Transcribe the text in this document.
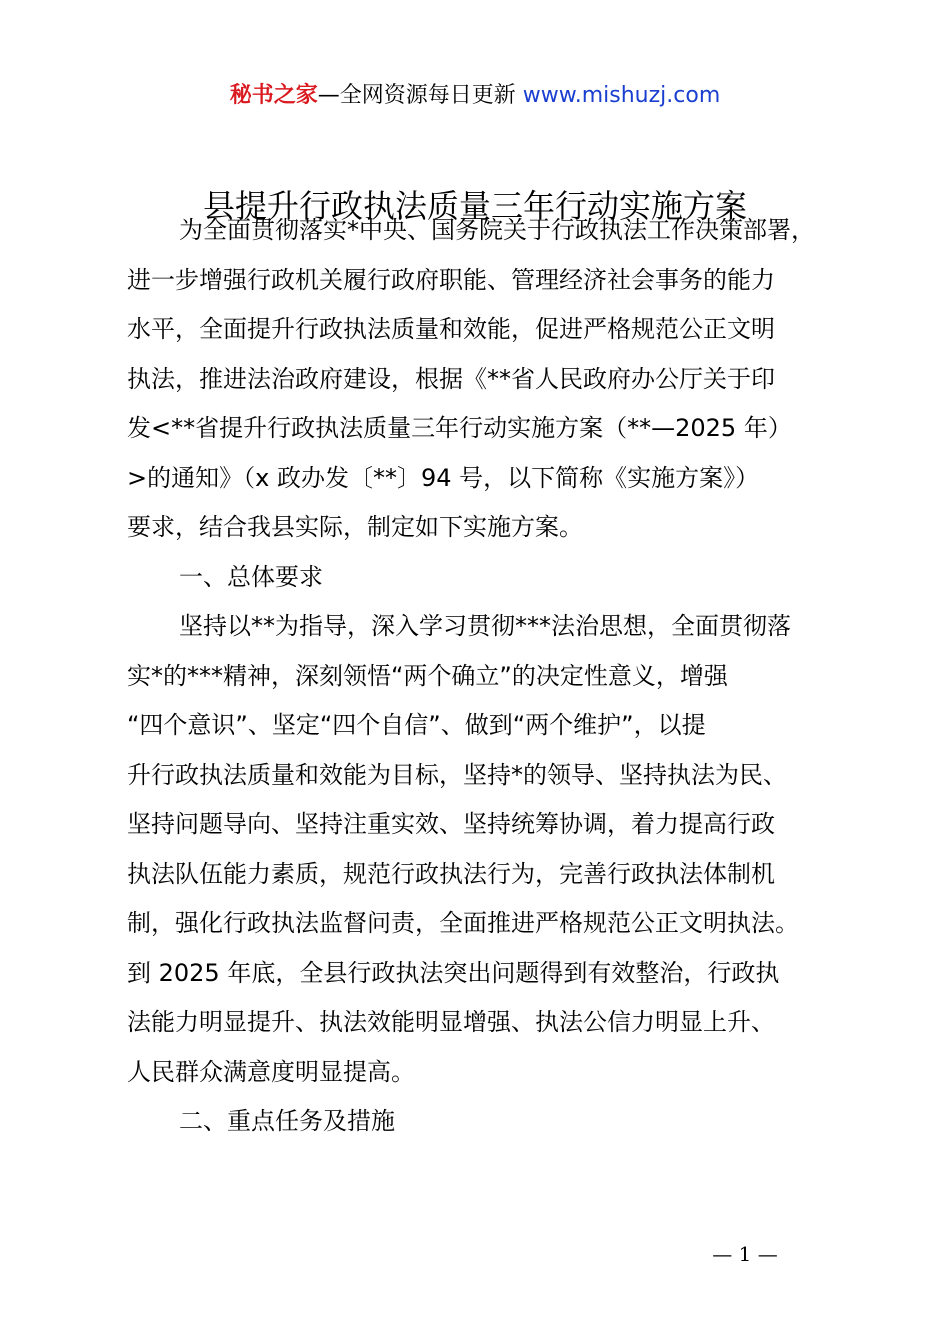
秘书之家—全网资源每日更新 www.mishuzj.com
县提升行政执法质量三年行动实施方案
为全面贯彻落实*中央、国务院关于行政执法工作决策部署，
进一步增强行政机关履行政府职能、管理经济社会事务的能力
水平，全面提升行政执法质量和效能，促进严格规范公正文明
执法，推进法治政府建设，根据《**省人民政府办公厅关于印
发<**省提升行政执法质量三年行动实施方案（**—2025 年）
>的通知》（x 政办发〔**〕94 号，以下简称《实施方案》）
要求，结合我县实际，制定如下实施方案。
一、总体要求
坚持以**为指导，深入学习贯彻***法治思想，全面贯彻落
实*的***精神，深刻领悟“两个确立”的决定性意义，增强
“四个意识”、坚定“四个自信”、做到“两个维护”，以提
升行政执法质量和效能为目标，坚持*的领导、坚持执法为民、
坚持问题导向、坚持注重实效、坚持统筹协调，着力提高行政
执法队伍能力素质，规范行政执法行为，完善行政执法体制机
制，强化行政执法监督问责，全面推进严格规范公正文明执法。
到 2025 年底，全县行政执法突出问题得到有效整治，行政执
法能力明显提升、执法效能明显增强、执法公信力明显上升、
人民群众满意度明显提高。
二、重点任务及措施
— 1 —
